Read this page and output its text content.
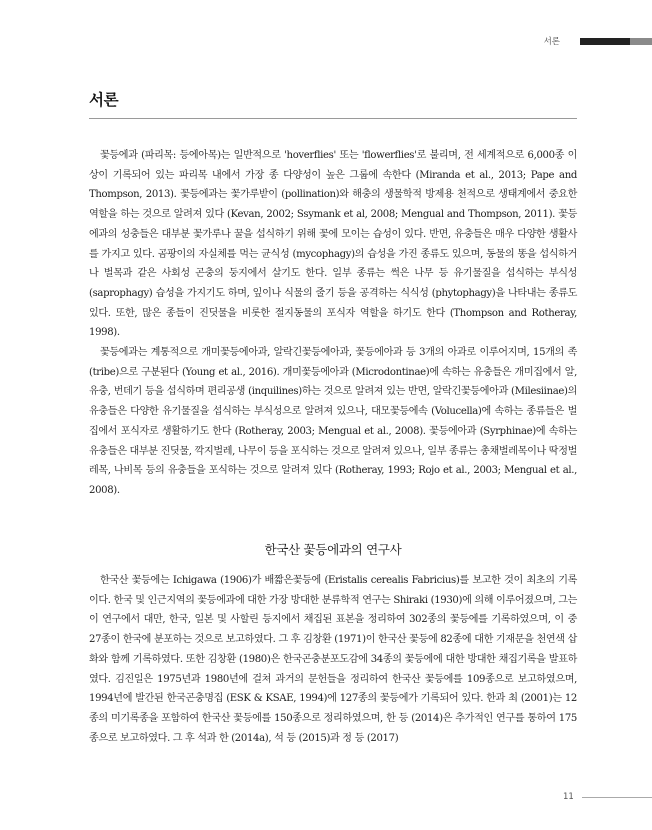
서론
서론

꽃등에과 (파리목: 등에아목)는 일반적으로 'hoverflies' 또는 'flowerflies'로 불리며, 전 세계적으로 6,000종 이상이 기록되어 있는 파리목 내에서 가장 종 다양성이 높은 그룹에 속한다 (Miranda et al., 2013; Pape and Thompson, 2013). 꽃등에과는 꽃가루받이 (pollination)와 해충의 생물학적 방제용 천적으로 생태계에서 중요한 역할을 하는 것으로 알려져 있다 (Kevan, 2002; Ssymank et al, 2008; Mengual and Thompson, 2011). 꽃등에과의 성충들은 대부분 꽃가루나 꿀을 섭식하기 위해 꽃에 모이는 습성이 있다. 반면, 유충들은 매우 다양한 생활사를 가지고 있다. 곰팡이의 자실체를 먹는 균식성 (mycophagy)의 습성을 가진 종류도 있으며, 동물의 똥을 섭식하거나 벌목과 같은 사회성 곤충의 둥지에서 살기도 한다. 일부 종류는 썩은 나무 등 유기물질을 섭식하는 부식성 (saprophagy) 습성을 가지기도 하며, 잎이나 식물의 줄기 등을 공격하는 식식성 (phytophagy)을 나타내는 종류도 있다. 또한, 많은 종들이 진딧물을 비롯한 절지동물의 포식자 역할을 하기도 한다 (Thompson and Rotheray, 1998).

꽃등에과는 계통적으로 개미꽃등에아과, 알락긴꽃등에아과, 꽃등에아과 등 3개의 아과로 이루어지며, 15개의 족 (tribe)으로 구분된다 (Young et al., 2016). 개미꽃등에아과 (Microdontinae)에 속하는 유충들은 개미집에서 알, 유충, 번데기 등을 섭식하며 편리공생 (inquilines)하는 것으로 알려져 있는 반면, 알락긴꽃등에아과 (Milesiinae)의 유충들은 다양한 유기물질을 섭식하는 부식성으로 알려져 있으나, 대모꽃등에속 (Volucella)에 속하는 종류들은 벌집에서 포식자로 생활하기도 한다 (Rotheray, 2003; Mengual et al., 2008). 꽃등에아과 (Syrphinae)에 속하는 유충들은 대부분 진딧물, 깍지벌레, 나무이 등을 포식하는 것으로 알려져 있으나, 일부 종류는 총채벌레목이나 딱정벌레목, 나비목 등의 유충들을 포식하는 것으로 알려져 있다 (Rotheray, 1993; Rojo et al., 2003; Mengual et al., 2008).

한국산 꽃등에과의 연구사

한국산 꽃등에는 Ichigawa (1906)가 배짧은꽃등에 (Eristalis cerealis Fabricius)를 보고한 것이 최초의 기록이다. 한국 및 인근지역의 꽃등에과에 대한 가장 방대한 분류학적 연구는 Shiraki (1930)에 의해 이루어졌으며, 그는 이 연구에서 대만, 한국, 일본 및 사할린 등지에서 채집된 표본을 정리하여 302종의 꽃등에를 기록하였으며, 이 중 27종이 한국에 분포하는 것으로 보고하였다. 그 후 김창환 (1971)이 한국산 꽃등에 82종에 대한 기재문을 천연색 삽화와 함께 기록하였다. 또한 김창환 (1980)은 한국곤충분포도감에 34종의 꽃등에에 대한 방대한 채집기록을 발표하였다. 김진일은 1975년과 1980년에 걸쳐 과거의 문헌들을 정리하여 한국산 꽃등에를 109종으로 보고하였으며, 1994년에 발간된 한국곤충명집 (ESK & KSAE, 1994)에 127종의 꽃등에가 기록되어 있다. 한과 최 (2001)는 12종의 미기록종을 포함하여 한국산 꽃등에를 150종으로 정리하였으며, 한 등 (2014)은 추가적인 연구를 통하여 175종으로 보고하였다. 그 후 석과 한 (2014a), 석 등 (2015)과 정 등 (2017)

11
